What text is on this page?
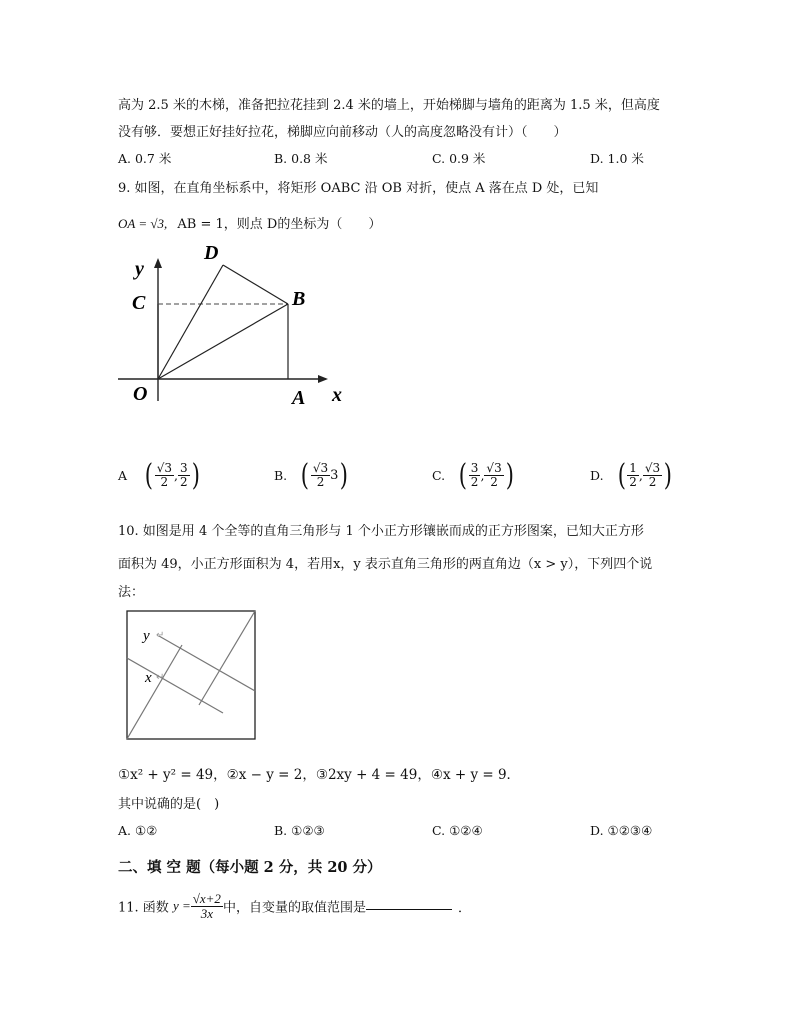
高为 2.5 米的木梯，准备把拉花挂到 2.4 米的墙上，开始梯脚与墙角的距离为 1.5 米，但高度
没有够．要想正好挂好拉花，梯脚应向前移动（人的高度忽略没有计）（　　）
A. 0.7 米	B. 0.8 米	C. 0.9 米	D. 1.0 米
9. 如图，在直角坐标系中，将矩形 OABC 沿 OB 对折，使点 A 落在点 D 处，已知
OA = √3, AB = 1，则点 D的坐标为（　　）
D
y
C	B
O	A x
A ( $\frac{√3}{2}$ , $\frac{3}{2}$ )	B. ( $\frac{√3}{2} 3$)	C. ( $\frac{3}{2}$ , $\frac{√3}{2}$ )	D. ( $\frac{1}{2}$ , $\frac{√3}{2}$ )
10. 如图是用 4 个全等的直角三角形与 1 个小正方形镶嵌而成的正方形图案，已知大正方形
面积为 49，小正方形面积为 4，若用x，y 表示直角三角形的两直角边（x > y），下列四个说
法：
y ↵
x ↵
①x² + y² = 49，②x − y = 2，③2xy + 4 = 49，④x + y = 9．
其中说确的是(　)
A. ①②	B. ①②③	C. ①②④	D. ①②③④
二、填 空 题（每小题 2 分，共 20 分）
11. 函数 $y = \frac{√x+2}{3x}$ 中，自变量的取值范围是	．
